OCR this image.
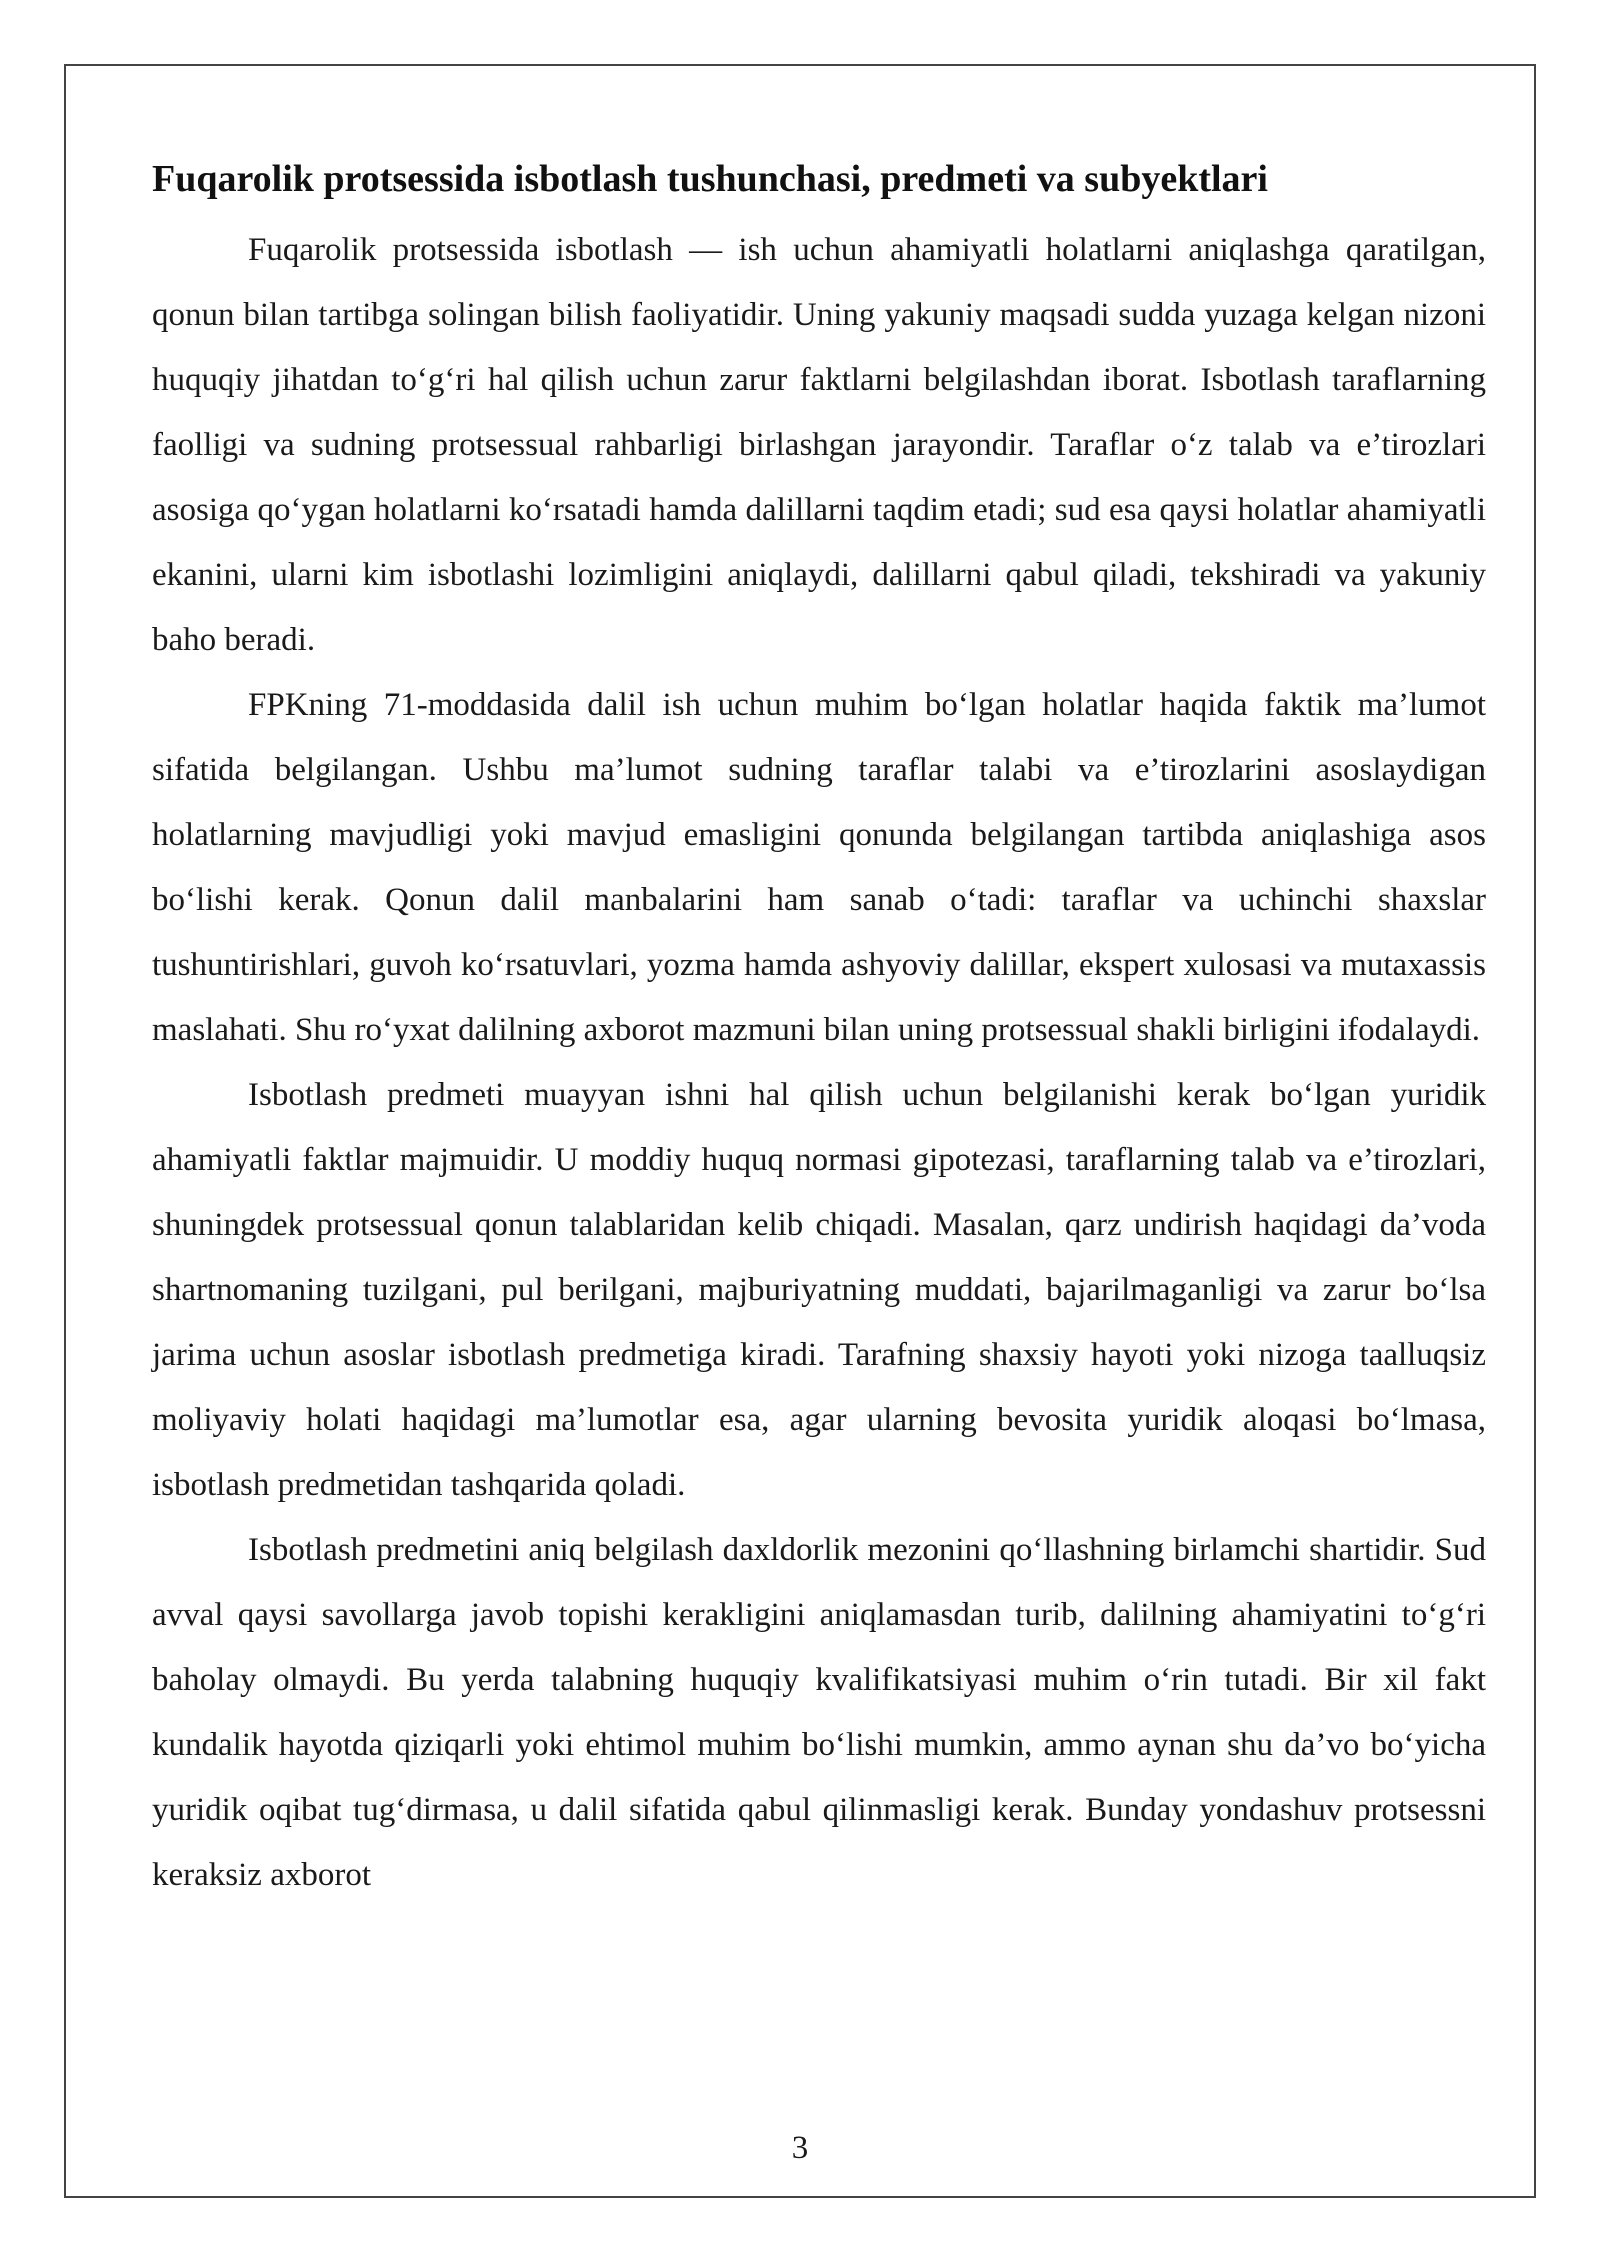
Fuqarolik protsessida isbotlash tushunchasi, predmeti va subyektlari

Fuqarolik protsessida isbotlash — ish uchun ahamiyatli holatlarni aniqlashga qaratilgan, qonun bilan tartibga solingan bilish faoliyatidir. Uning yakuniy maqsadi sudda yuzaga kelgan nizoni huquqiy jihatdan to‘g‘ri hal qilish uchun zarur faktlarni belgilashdan iborat. Isbotlash taraflarning faolligi va sudning protsessual rahbarligi birlashgan jarayondir. Taraflar o‘z talab va e’tirozlari asosiga qo‘ygan holatlarni ko‘rsatadi hamda dalillarni taqdim etadi; sud esa qaysi holatlar ahamiyatli ekanini, ularni kim isbotlashi lozimligini aniqlaydi, dalillarni qabul qiladi, tekshiradi va yakuniy baho beradi.

FPKning 71-moddasida dalil ish uchun muhim bo‘lgan holatlar haqida faktik ma’lumot sifatida belgilangan. Ushbu ma’lumot sudning taraflar talabi va e’tirozlarini asoslaydigan holatlarning mavjudligi yoki mavjud emasligini qonunda belgilangan tartibda aniqlashiga asos bo‘lishi kerak. Qonun dalil manbalarini ham sanab o‘tadi: taraflar va uchinchi shaxslar tushuntirishlari, guvoh ko‘rsatuvlari, yozma hamda ashyoviy dalillar, ekspert xulosasi va mutaxassis maslahati. Shu ro‘yxat dalilning axborot mazmuni bilan uning protsessual shakli birligini ifodalaydi.

Isbotlash predmeti muayyan ishni hal qilish uchun belgilanishi kerak bo‘lgan yuridik ahamiyatli faktlar majmuidir. U moddiy huquq normasi gipotezasi, taraflarning talab va e’tirozlari, shuningdek protsessual qonun talablaridan kelib chiqadi. Masalan, qarz undirish haqidagi da’voda shartnomaning tuzilgani, pul berilgani, majburiyatning muddati, bajarilmaganligi va zarur bo‘lsa jarima uchun asoslar isbotlash predmetiga kiradi. Tarafning shaxsiy hayoti yoki nizoga taalluqsiz moliyaviy holati haqidagi ma’lumotlar esa, agar ularning bevosita yuridik aloqasi bo‘lmasa, isbotlash predmetidan tashqarida qoladi.

Isbotlash predmetini aniq belgilash daxldorlik mezonini qo‘llashning birlamchi shartidir. Sud avval qaysi savollarga javob topishi kerakligini aniqlamasdan turib, dalilning ahamiyatini to‘g‘ri baholay olmaydi. Bu yerda talabning huquqiy kvalifikatsiyasi muhim o‘rin tutadi. Bir xil fakt kundalik hayotda qiziqarli yoki ehtimol muhim bo‘lishi mumkin, ammo aynan shu da’vo bo‘yicha yuridik oqibat tug‘dirmasa, u dalil sifatida qabul qilinmasligi kerak. Bunday yondashuv protsessni keraksiz axborot

3
